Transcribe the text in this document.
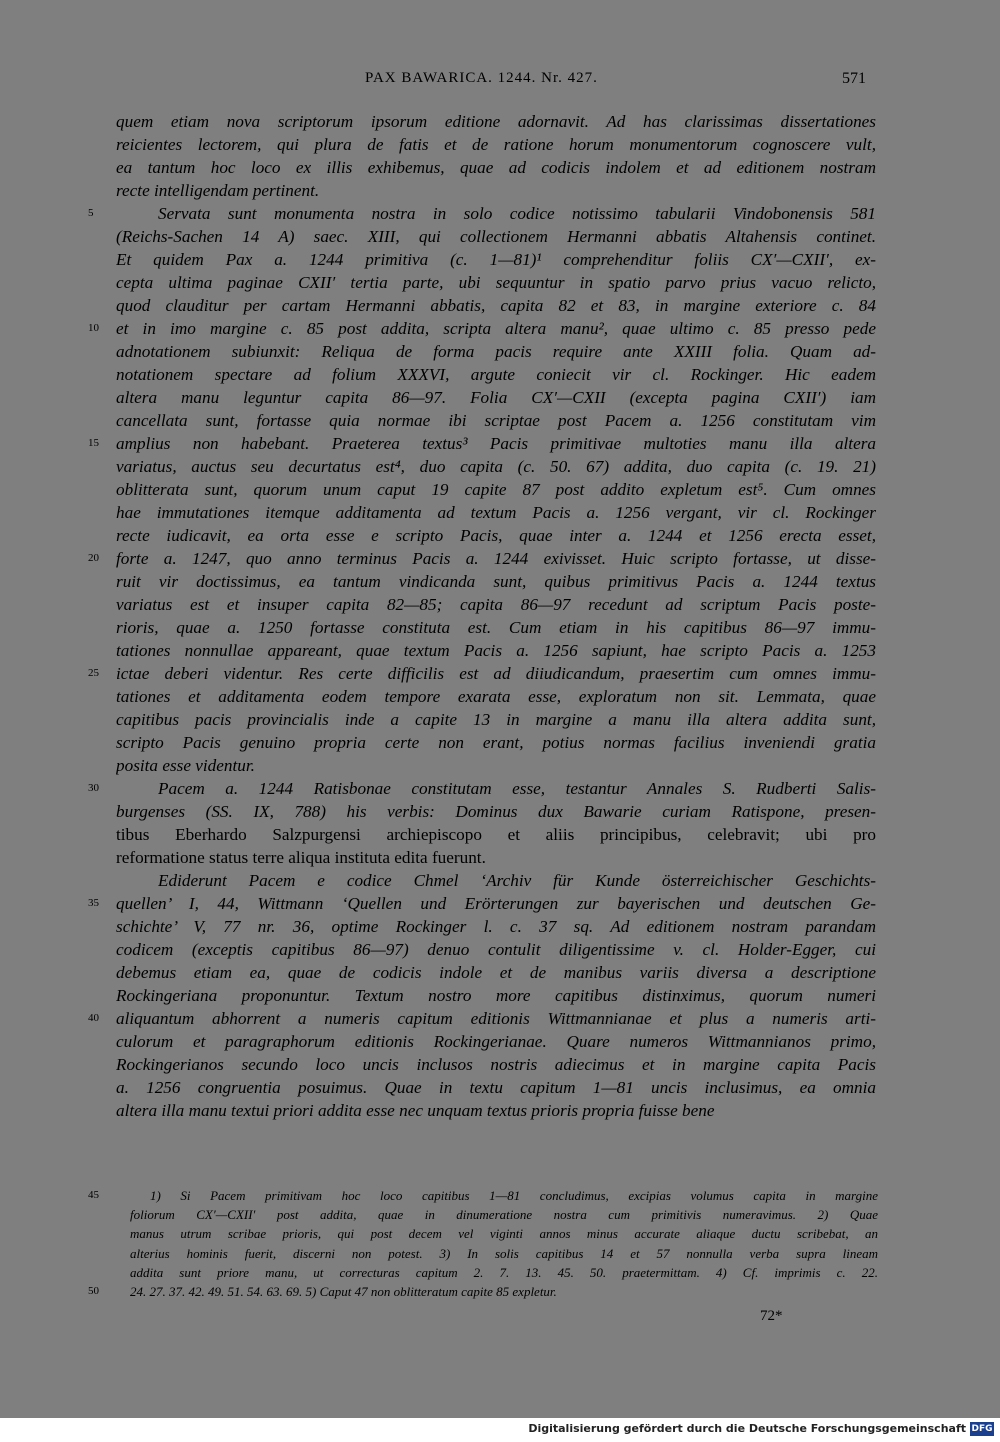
PAX BAWARICA. 1244. Nr. 427.	571
quem etiam nova scriptorum ipsorum editione adornavit. Ad has clarissimas dissertationes
reicientes lectorem, qui plura de fatis et de ratione horum monumentorum cognoscere vult,
ea tantum hoc loco ex illis exhibemus, quae ad codicis indolem et ad editionem nostram
recte intelligendam pertinent.
5	Servata sunt monumenta nostra in solo codice notissimo tabularii Vindobonensis 581
(Reichs-Sachen 14 A) saec. XIII, qui collectionem Hermanni abbatis Altahensis continet.
Et quidem Pax a. 1244 primitiva (c. 1—81)¹ comprehenditur foliis CX′—CXII′, ex-
cepta ultima paginae CXII′ tertia parte, ubi sequuntur in spatio parvo prius vacuo relicto,
quod clauditur per cartam Hermanni abbatis, capita 82 et 83, in margine exteriore c. 84
10 et in imo margine c. 85 post addita, scripta altera manu², quae ultimo c. 85 presso pede
adnotationem subiunxit: Reliqua de forma pacis require ante XXIII folia. Quam ad-
notationem spectare ad folium XXXVI, argute coniecit vir cl. Rockinger. Hic eadem
altera manu leguntur capita 86—97. Folia CX′—CXII (excepta pagina CXII′) iam
cancellata sunt, fortasse quia normae ibi scriptae post Pacem a. 1256 constitutam vim
15 amplius non habebant. Praeterea textus³ Pacis primitivae multoties manu illa altera
variatus, auctus seu decurtatus est⁴, duo capita (c. 50. 67) addita, duo capita (c. 19. 21)
oblitterata sunt, quorum unum caput 19 capite 87 post addito expletum est⁵. Cum omnes
hae immutationes itemque additamenta ad textum Pacis a. 1256 vergant, vir cl. Rockinger
recte iudicavit, ea orta esse e scripto Pacis, quae inter a. 1244 et 1256 erecta esset,
20 forte a. 1247, quo anno terminus Pacis a. 1244 exivisset. Huic scripto fortasse, ut disse-
ruit vir doctissimus, ea tantum vindicanda sunt, quibus primitivus Pacis a. 1244 textus
variatus est et insuper capita 82—85; capita 86—97 recedunt ad scriptum Pacis poste-
rioris, quae a. 1250 fortasse constituta est. Cum etiam in his capitibus 86—97 immu-
tationes nonnullae appareant, quae textum Pacis a. 1256 sapiunt, hae scripto Pacis a. 1253
25 ictae deberi videntur. Res certe difficilis est ad diiudicandum, praesertim cum omnes immu-
tationes et additamenta eodem tempore exarata esse, exploratum non sit. Lemmata, quae
capitibus pacis provincialis inde a capite 13 in margine a manu illa altera addita sunt,
scripto Pacis genuino propria certe non erant, potius normas facilius inveniendi gratia
posita esse videntur.
30	Pacem a. 1244 Ratisbonae constitutam esse, testantur Annales S. Rudberti Salis-
burgenses (SS. IX, 788) his verbis: Dominus dux Bawarie curiam Ratispone, presen-
tibus Eberhardo Salzpurgensi archiepiscopo et aliis principibus, celebravit; ubi pro
reformatione status terre aliqua instituta edita fuerunt.
Ediderunt Pacem e codice Chmel ‘Archiv für Kunde österreichischer Geschichts-
35 quellen’ I, 44, Wittmann ‘Quellen und Erörterungen zur bayerischen und deutschen Ge-
schichte’ V, 77 nr. 36, optime Rockinger l. c. 37 sq. Ad editionem nostram parandam
codicem (exceptis capitibus 86—97) denuo contulit diligentissime v. cl. Holder-Egger, cui
debemus etiam ea, quae de codicis indole et de manibus variis diversa a descriptione
Rockingeriana proponuntur. Textum nostro more capitibus distinximus, quorum numeri
40 aliquantum abhorrent a numeris capitum editionis Wittmannianae et plus a numeris arti-
culorum et paragraphorum editionis Rockingerianae. Quare numeros Wittmannianos primo,
Rockingerianos secundo loco uncis inclusos nostris adiecimus et in margine capita Pacis
a. 1256 congruentia posuimus. Quae in textu capitum 1—81 uncis inclusimus, ea omnia
altera illa manu textui priori addita esse nec unquam textus prioris propria fuisse bene
45	1) Si Pacem primitivam hoc loco capitibus 1—81 concludimus, excipias volumus capita in margine
foliorum CX′—CXII′ post addita, quae in dinumeratione nostra cum primitivis numeravimus. 2) Quae
manus utrum scribae prioris, qui post decem vel viginti annos minus accurate aliaque ductu scribebat, an
alterius hominis fuerit, discerni non potest. 3) In solis capitibus 14 et 57 nonnulla verba supra lineam
addita sunt priore manu, ut correcturas capitum 2. 7. 13. 45. 50. praetermittam. 4) Cf. imprimis c. 22.
50 24. 27. 37. 42. 49. 51. 54. 63. 69. 5) Caput 47 non oblitteratum capite 85 expletur.
72*
Digitalisierung gefördert durch die Deutsche Forschungsgemeinschaft DFG
